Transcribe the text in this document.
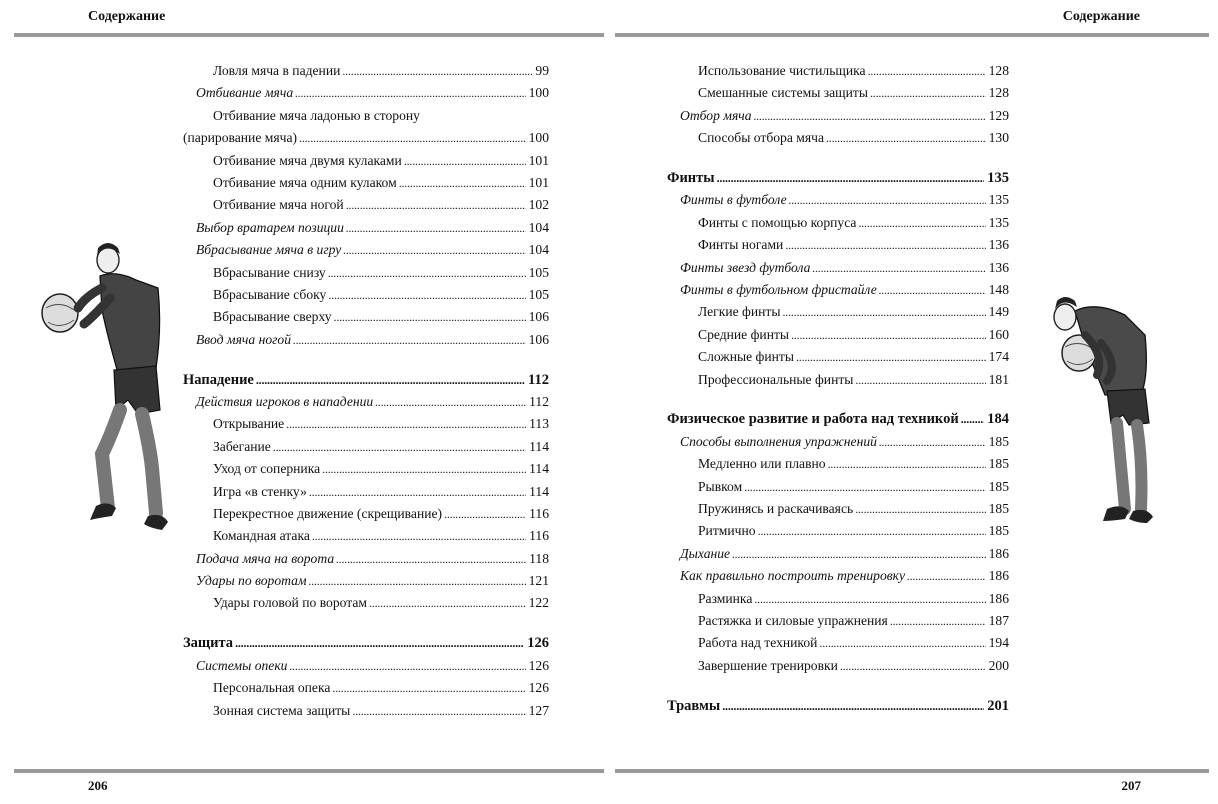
Содержание
Ловля мяча в падении . . .	99
Отбивание мяча . . .	100
Отбивание мяча ладонью в сторону
(парирование мяча) . . .	100
Отбивание мяча двумя кулаками . . .	101
Отбивание мяча одним кулаком . . .	101
Отбивание мяча ногой . . .	102
Выбор вратарем позиции . . .	104
Вбрасывание мяча в игру . . .	104
Вбрасывание снизу . . .	105
Вбрасывание сбоку . . .	105
Вбрасывание сверху . . .	106
Ввод мяча ногой . . .	106
Нападение . . .	112
Действия игроков в нападении . . .	112
Открывание . . .	113
Забегание . . .	114
Уход от соперника . . .	114
Игра «в стенку» . . .	114
Перекрестное движение (скрещивание) . . .	116
Командная атака . . .	116
Подача мяча на ворота . . .	118
Удары по воротам . . .	121
Удары головой по воротам . . .	122
Защита . . .	126
Системы опеки . . .	126
Персональная опека . . .	126
Зонная система защиты . . .	127
206
Содержание
Использование чистильщика . . .	128
Смешанные системы защиты . . .	128
Отбор мяча . . .	129
Способы отбора мяча . . .	130
Финты . . .	135
Финты в футболе . . .	135
Финты с помощью корпуса . . .	135
Финты ногами . . .	136
Финты звезд футбола . . .	136
Финты в футбольном фристайле . . .	148
Легкие финты . . .	149
Средние финты . . .	160
Сложные финты . . .	174
Профессиональные финты . . .	181
Физическое развитие и работа над техникой . . . 184
Способы выполнения упражнений . . .	185
Медленно или плавно . . .	185
Рывком . . .	185
Пружинясь и раскачиваясь . . .	185
Ритмично . . .	185
Дыхание . . .	186
Как правильно построить тренировку . . .	186
Разминка . . .	186
Растяжка и силовые упражнения . . .	187
Работа над техникой . . .	194
Завершение тренировки . . .	200
Травмы . . .	201
207
